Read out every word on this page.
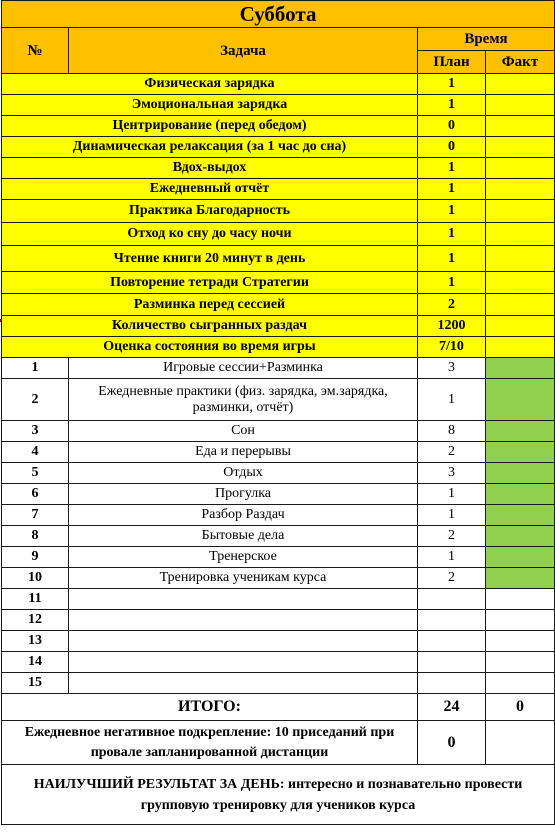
Суббота			
№	Задача	Время	
		План	Факт
Физическая зарядка		1	
Эмоциональная зарядка		1	
Центрирование (перед обедом)		0	
Динамическая релаксация (за 1 час до сна)		0	
Вдох-выдох		1	
Ежедневный отчёт		1	
Практика Благодарность		1	
Отход ко сну до часу ночи		1	
Чтение книги 20 минут в день		1	
Повторение тетради Стратегии		1	
Разминка перед сессией		2	
Количество сыгранных раздач		1200	
Оценка состояния во время игры		7/10	
1	Игровые сессии+Разминка	3	
2	Ежедневные практики (физ. зарядка, эм.зарядка, разминки, отчёт)	1	
3	Сон	8	
4	Еда и перерывы	2	
5	Отдых	3	
6	Прогулка	1	
7	Разбор Раздач	1	
8	Бытовые дела	2	
9	Тренерское	1	
10	Тренировка ученикам курса	2	
11			
12			
13			
14			
15			
ИТОГО:		24	0
Ежедневное негативное подкрепление: 10 приседаний при провале запланированной дистанции		0	
НАИЛУЧШИЙ РЕЗУЛЬТАТ ЗА ДЕНЬ: интересно и познавательно провести групповую тренировку для учеников курса			
